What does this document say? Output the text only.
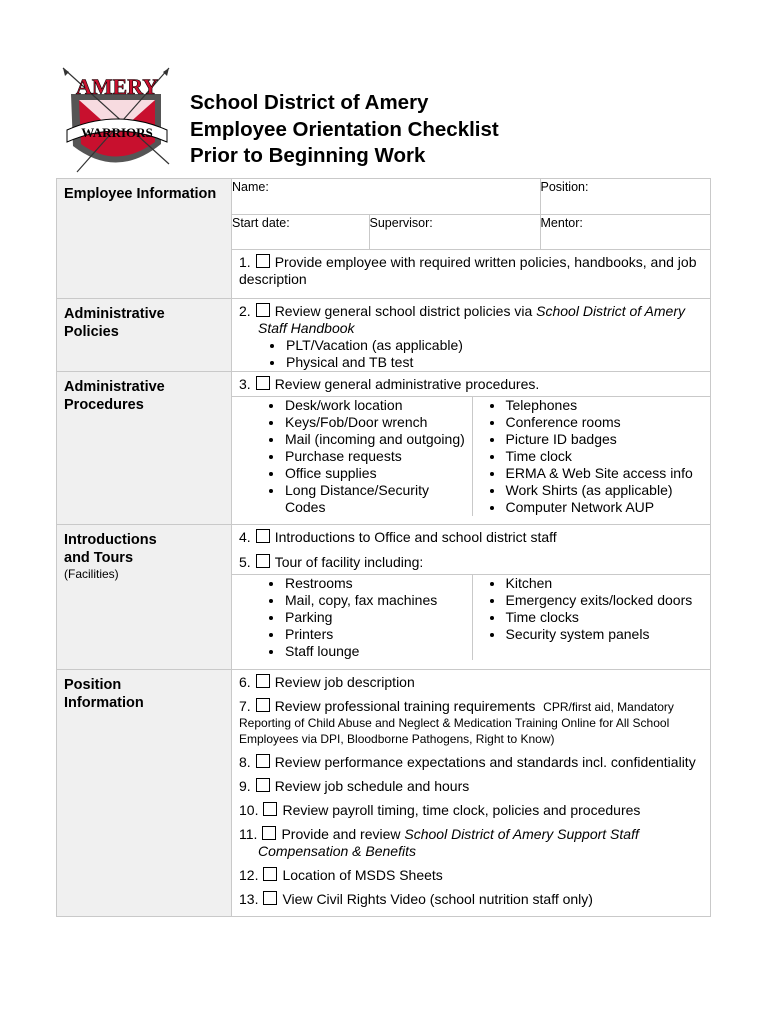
AMERY
WARRIORS
School District of Amery
Employee Orientation Checklist
Prior to Beginning Work
Employee Information
		Name:	Position:
Start date:	Supervisor:	Mentor:

1. Provide employee with required written policies, handbooks, and job description

Administrative
Policies

2. Review general school district policies via School District of Amery
Staff Handbook
• PLT/Vacation (as applicable)
• Physical and TB test

Administrative
Procedures

3. Review general administrative procedures.

• Desk/work location
• Keys/Fob/Door wrench
• Mail (incoming and outgoing)
• Purchase requests
• Office supplies
• Long Distance/Security Codes

• Telephones
• Conference rooms
• Picture ID badges
• Time clock
• ERMA & Web Site access info
• Work Shirts (as applicable)
• Computer Network AUP

Introductions
and Tours
(Facilities)

4. Introductions to Office and school district staff
5. Tour of facility including:

• Restrooms
• Mail, copy, fax machines
• Parking
• Printers
• Staff lounge

• Kitchen
• Emergency exits/locked doors
• Time clocks
• Security system panels

Position
Information

6. Review job description
7. Review professional training requirements CPR/first aid, Mandatory
Reporting of Child Abuse and Neglect & Medication Training Online for All School Employees via DPI, Bloodborne Pathogens, Right to Know)
8. Review performance expectations and standards incl. confidentiality
9. Review job schedule and hours
10. Review payroll timing, time clock, policies and procedures
11. Provide and review School District of Amery Support Staff
Compensation & Benefits
12. Location of MSDS Sheets
13. View Civil Rights Video (school nutrition staff only)
